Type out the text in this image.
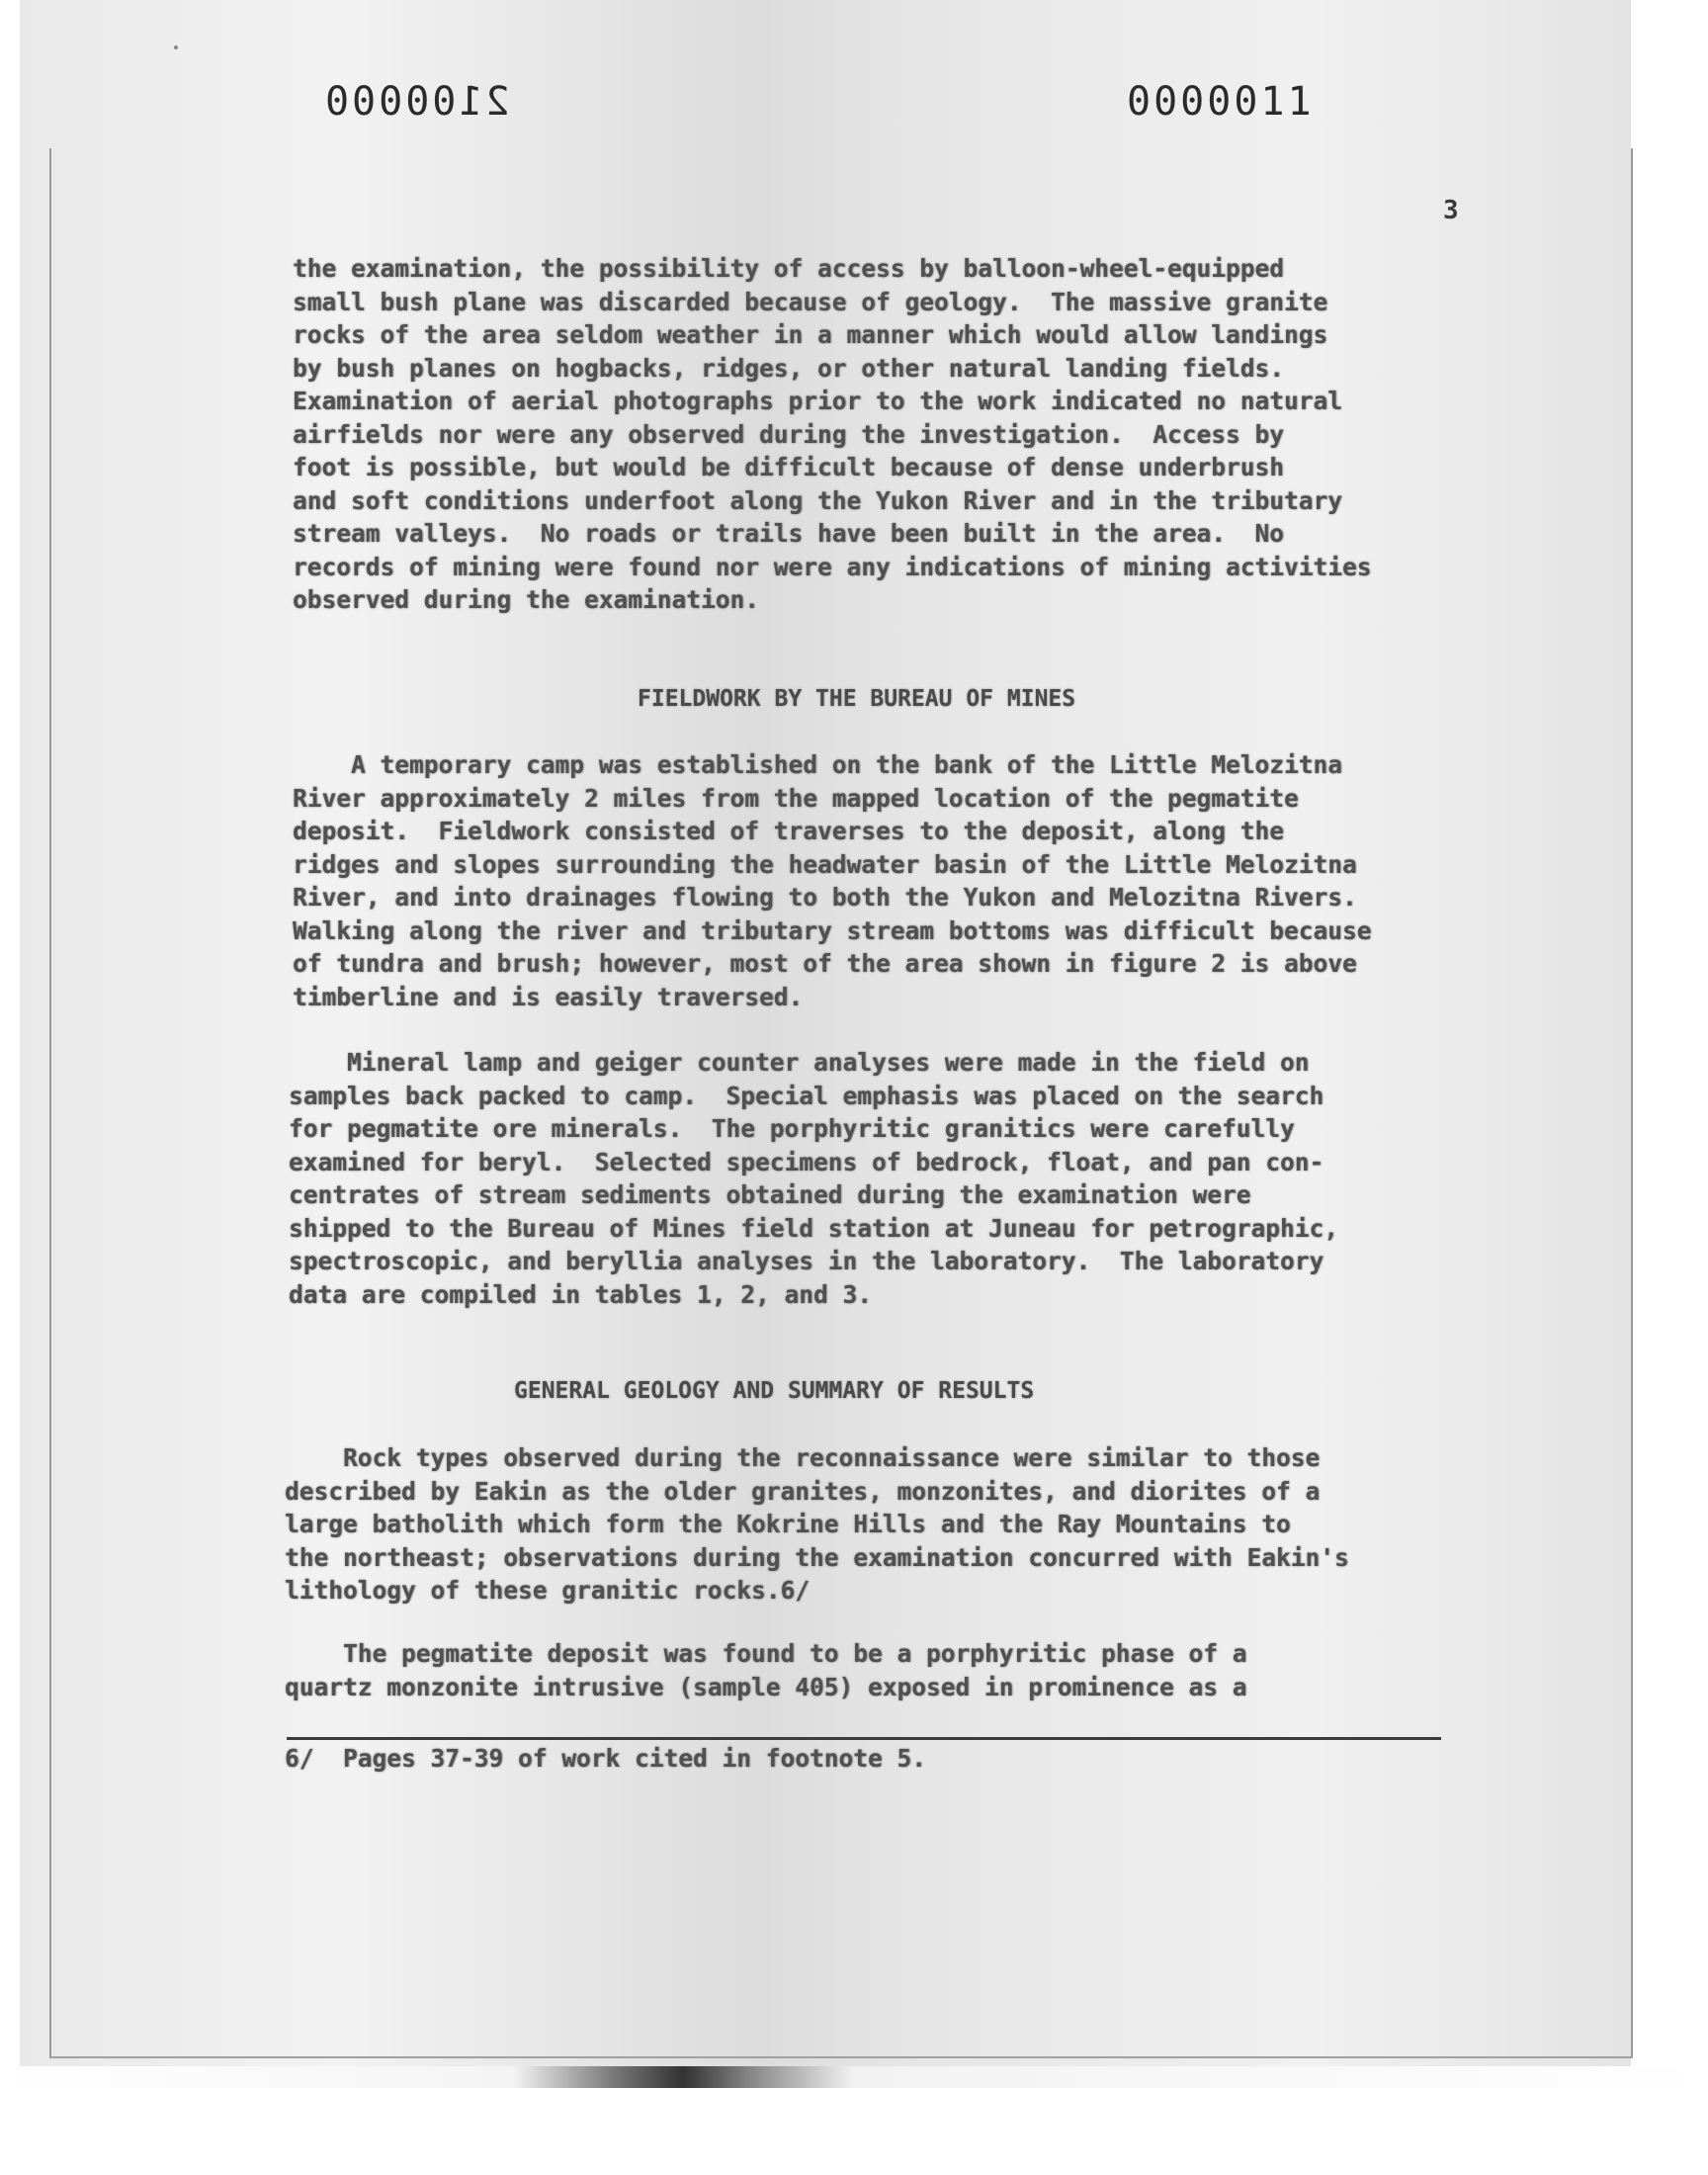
2100000	0000011
3
the examination, the possibility of access by balloon-wheel-equipped
small bush plane was discarded because of geology.  The massive granite
rocks of the area seldom weather in a manner which would allow landings
by bush planes on hogbacks, ridges, or other natural landing fields.
Examination of aerial photographs prior to the work indicated no natural
airfields nor were any observed during the investigation.  Access by
foot is possible, but would be difficult because of dense underbrush
and soft conditions underfoot along the Yukon River and in the tributary
stream valleys.  No roads or trails have been built in the area.  No
records of mining were found nor were any indications of mining activities
observed during the examination.
FIELDWORK BY THE BUREAU OF MINES
A temporary camp was established on the bank of the Little Melozitna
River approximately 2 miles from the mapped location of the pegmatite
deposit.  Fieldwork consisted of traverses to the deposit, along the
ridges and slopes surrounding the headwater basin of the Little Melozitna
River, and into drainages flowing to both the Yukon and Melozitna Rivers.
Walking along the river and tributary stream bottoms was difficult because
of tundra and brush; however, most of the area shown in figure 2 is above
timberline and is easily traversed.
Mineral lamp and geiger counter analyses were made in the field on
samples back packed to camp.  Special emphasis was placed on the search
for pegmatite ore minerals.  The porphyritic granitics were carefully
examined for beryl.  Selected specimens of bedrock, float, and pan con-
centrates of stream sediments obtained during the examination were
shipped to the Bureau of Mines field station at Juneau for petrographic,
spectroscopic, and beryllia analyses in the laboratory.  The laboratory
data are compiled in tables 1, 2, and 3.
GENERAL GEOLOGY AND SUMMARY OF RESULTS
Rock types observed during the reconnaissance were similar to those
described by Eakin as the older granites, monzonites, and diorites of a
large batholith which form the Kokrine Hills and the Ray Mountains to
the northeast; observations during the examination concurred with Eakin's
lithology of these granitic rocks.6/
The pegmatite deposit was found to be a porphyritic phase of a
quartz monzonite intrusive (sample 405) exposed in prominence as a
6/  Pages 37-39 of work cited in footnote 5.
